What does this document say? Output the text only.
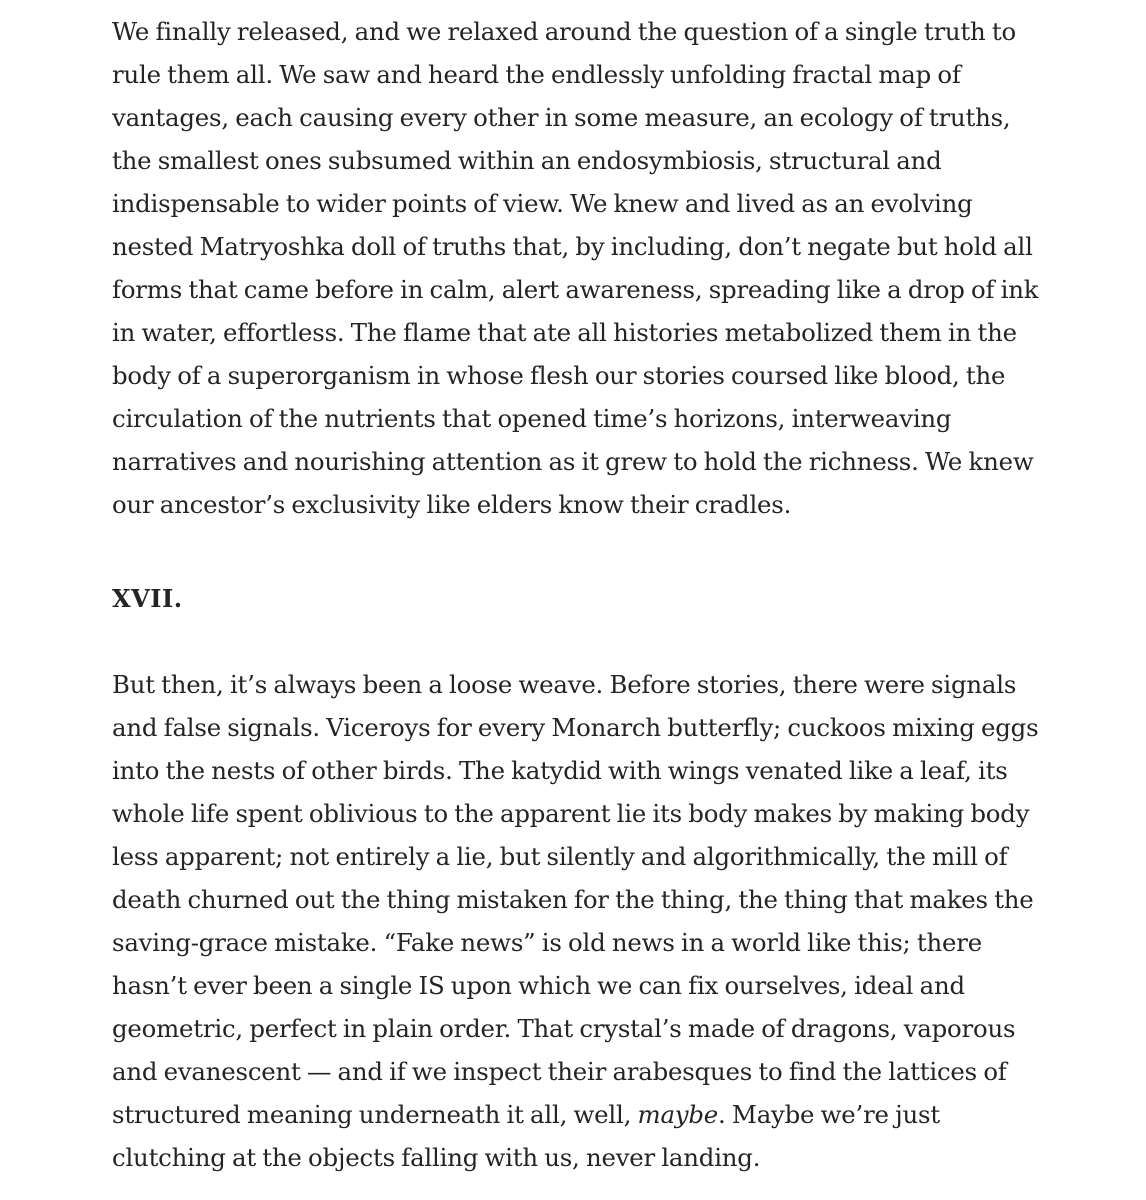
We finally released, and we relaxed around the question of a single truth to
rule them all. We saw and heard the endlessly unfolding fractal map of
vantages, each causing every other in some measure, an ecology of truths,
the smallest ones subsumed within an endosymbiosis, structural and
indispensable to wider points of view. We knew and lived as an evolving
nested Matryoshka doll of truths that, by including, don’t negate but hold all
forms that came before in calm, alert awareness, spreading like a drop of ink
in water, effortless. The flame that ate all histories metabolized them in the
body of a superorganism in whose flesh our stories coursed like blood, the
circulation of the nutrients that opened time’s horizons, interweaving
narratives and nourishing attention as it grew to hold the richness. We knew
our ancestor’s exclusivity like elders know their cradles.

XVII.

But then, it’s always been a loose weave. Before stories, there were signals
and false signals. Viceroys for every Monarch butterfly; cuckoos mixing eggs
into the nests of other birds. The katydid with wings venated like a leaf, its
whole life spent oblivious to the apparent lie its body makes by making body
less apparent; not entirely a lie, but silently and algorithmically, the mill of
death churned out the thing mistaken for the thing, the thing that makes the
saving-grace mistake. “Fake news” is old news in a world like this; there
hasn’t ever been a single IS upon which we can fix ourselves, ideal and
geometric, perfect in plain order. That crystal’s made of dragons, vaporous
and evanescent — and if we inspect their arabesques to find the lattices of
structured meaning underneath it all, well, maybe. Maybe we’re just
clutching at the objects falling with us, never landing.
